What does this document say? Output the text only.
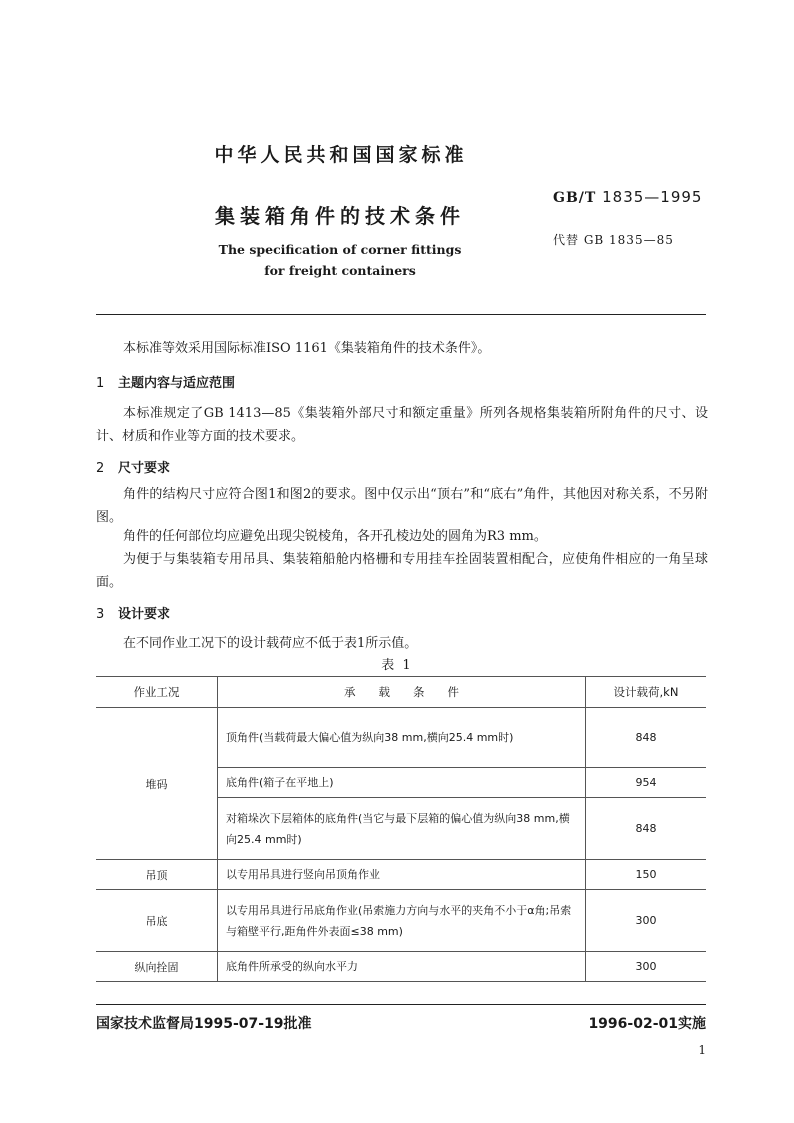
中华人民共和国国家标准
GB/T 1835—1995
集装箱角件的技术条件
代替 GB 1835—85
The specification of corner fittings
for freight containers
本标准等效采用国际标准ISO 1161《集装箱角件的技术条件》。
1 主题内容与适应范围
本标准规定了GB 1413—85《集装箱外部尺寸和额定重量》所列各规格集装箱所附角件的尺寸、设计、材质和作业等方面的技术要求。
2 尺寸要求
角件的结构尺寸应符合图1和图2的要求。图中仅示出“顶右”和“底右”角件，其他因对称关系，不另附图。
角件的任何部位均应避免出现尖锐棱角，各开孔棱边处的圆角为R3 mm。
为便于与集装箱专用吊具、集装箱船舱内格栅和专用挂车拴固装置相配合，应使角件相应的一角呈球面。
3 设计要求
在不同作业工况下的设计载荷应不低于表1所示值。
表 1
作业工况	承　　载　　条　　件	设计载荷,kN
堆码	顶角件(当载荷最大偏心值为纵向38 mm,横向25.4 mm时)	848
	底角件(箱子在平地上)	954
	对箱垛次下层箱体的底角件(当它与最下层箱的偏心值为纵向38 mm,横向25.4 mm时)	848
吊顶	以专用吊具进行竖向吊顶角作业	150
吊底	以专用吊具进行吊底角作业(吊索施力方向与水平的夹角不小于α角;吊索与箱壁平行,距角件外表面≤38 mm)	300
纵向拴固	底角件所承受的纵向水平力	300
国家技术监督局1995-07-19批准	1996-02-01实施
1
